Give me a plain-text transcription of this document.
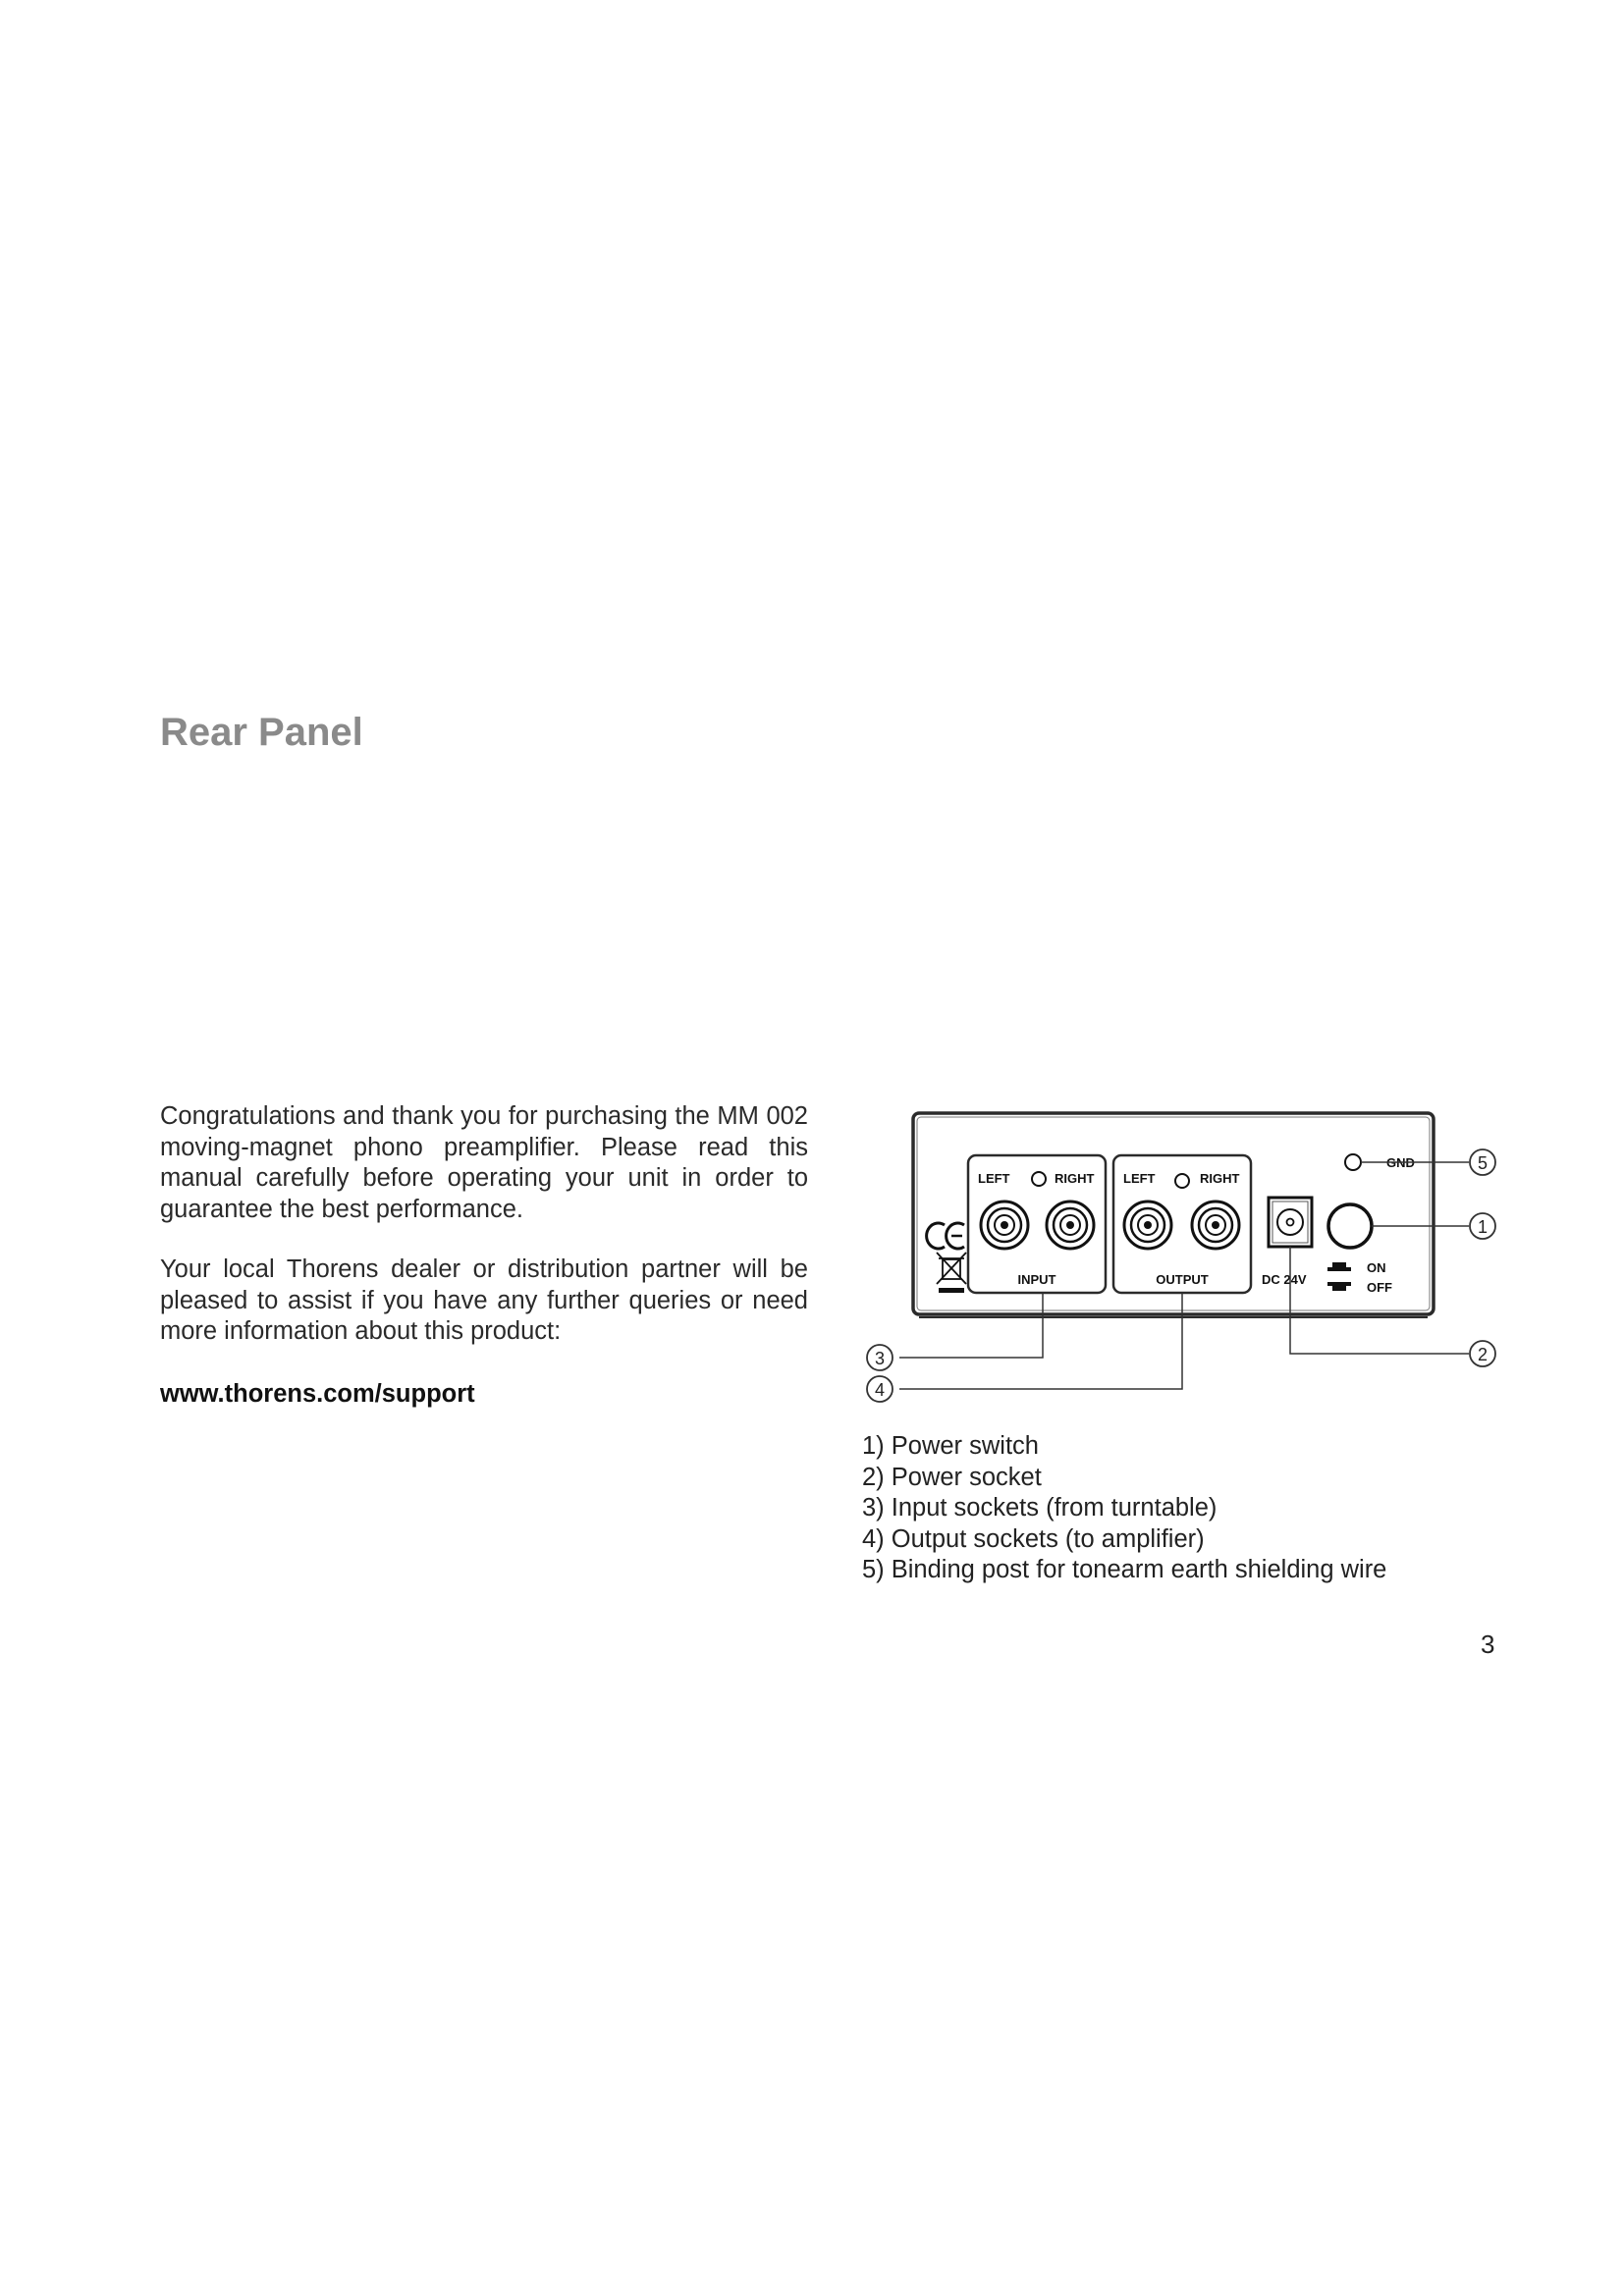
Rear Panel

Congratulations and thank you for purchasing the MM 002 moving-magnet phono preamplifier. Please read this manual carefully before operating your unit in order to guarantee the best performance.

Your local Thorens dealer or distribution partner will be pleased to assist if you have any further queries or need more information about this product:

www.thorens.com/support
LEFT	RIGHT
INPUT
LEFT	RIGHT
OUTPUT	DC 24V
ON
OFF
GND	5
1
2
3
4
1) Power switch
2) Power socket
3) Input sockets (from turntable)
4) Output sockets (to amplifier)
5) Binding post for tonearm earth shielding wire
3
